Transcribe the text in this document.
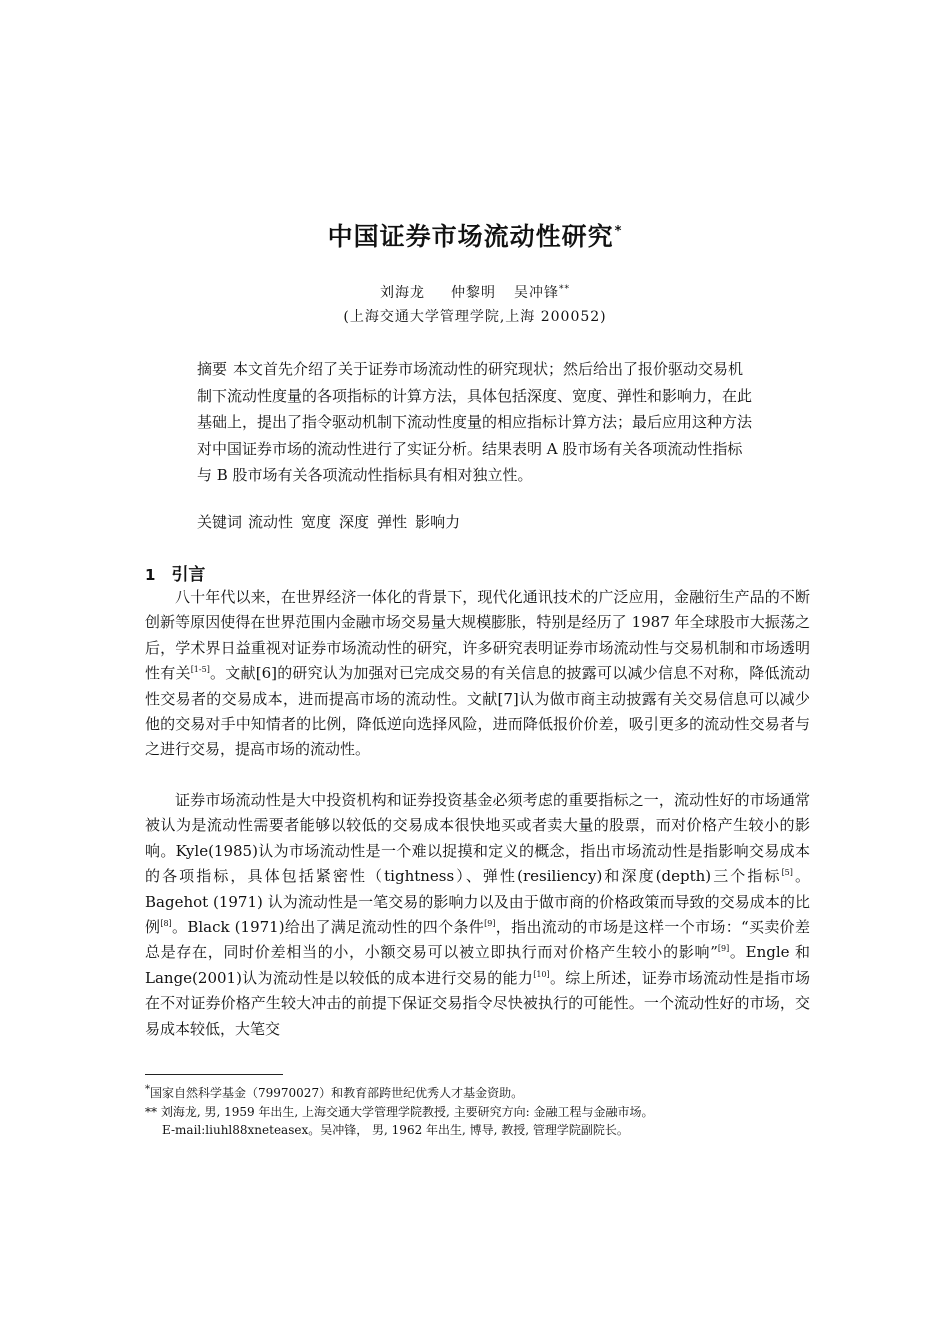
中国证券市场流动性研究*
刘海龙 仲黎明 吴冲锋**
(上海交通大学管理学院,上海 200052)

摘要 本文首先介绍了关于证券市场流动性的研究现状；然后给出了报价驱动交易机制下流动性度量的各项指标的计算方法，具体包括深度、宽度、弹性和影响力，在此基础上，提出了指令驱动机制下流动性度量的相应指标计算方法；最后应用这种方法对中国证券市场的流动性进行了实证分析。结果表明 A 股市场有关各项流动性指标与 B 股市场有关各项流动性指标具有相对独立性。

关键词 流动性 宽度 深度 弹性 影响力

1 引言

八十年代以来，在世界经济一体化的背景下，现代化通讯技术的广泛应用，金融衍生产品的不断创新等原因使得在世界范围内金融市场交易量大规模膨胀，特别是经历了 1987 年全球股市大振荡之后，学术界日益重视对证券市场流动性的研究，许多研究表明证券市场流动性与交易机制和市场透明性有关[1-5]。文献[6]的研究认为加强对已完成交易的有关信息的披露可以减少信息不对称，降低流动性交易者的交易成本，进而提高市场的流动性。文献[7]认为做市商主动披露有关交易信息可以减少他的交易对手中知情者的比例，降低逆向选择风险，进而降低报价价差，吸引更多的流动性交易者与之进行交易，提高市场的流动性。

证券市场流动性是大中投资机构和证券投资基金必须考虑的重要指标之一，流动性好的市场通常被认为是流动性需要者能够以较低的交易成本很快地买或者卖大量的股票，而对价格产生较小的影响。Kyle(1985)认为市场流动性是一个难以捉摸和定义的概念，指出市场流动性是指影响交易成本的各项指标，具体包括紧密性（tightness）、弹性(resiliency)和深度(depth)三个指标[5]。Bagehot (1971) 认为流动性是一笔交易的影响力以及由于做市商的价格政策而导致的交易成本的比例[8]。Black (1971)给出了满足流动性的四个条件[9]，指出流动的市场是这样一个市场：“买卖价差总是存在，同时价差相当的小，小额交易可以被立即执行而对价格产生较小的影响”[9]。Engle 和 Lange(2001)认为流动性是以较低的成本进行交易的能力[10]。综上所述，证券市场流动性是指市场在不对证券价格产生较大冲击的前提下保证交易指令尽快被执行的可能性。一个流动性好的市场，交易成本较低，大笔交

*国家自然科学基金（79970027）和教育部跨世纪优秀人才基金资助。

** 刘海龙, 男, 1959 年出生, 上海交通大学管理学院教授, 主要研究方向: 金融工程与金融市场。

E-mail:liuhl88xneteasex。吴冲锋， 男, 1962 年出生, 博导, 教授, 管理学院副院长。
